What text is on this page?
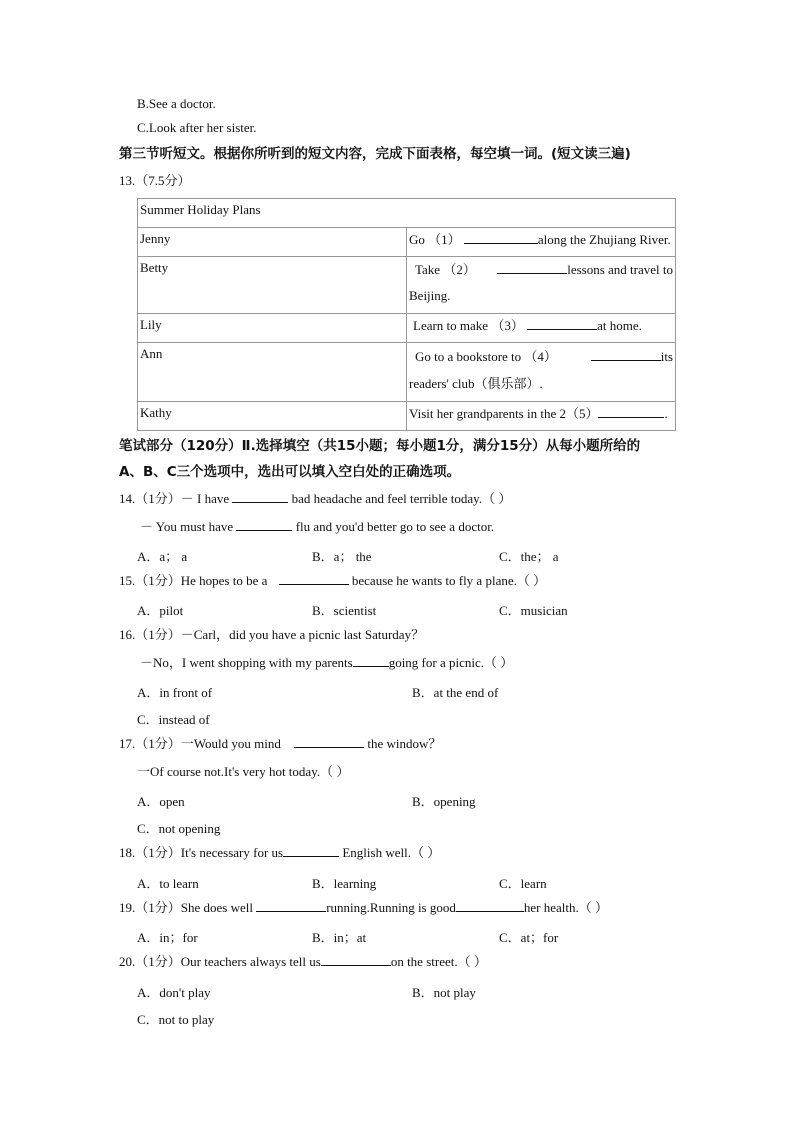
B.See a doctor.
C.Look after her sister.
第三节听短文。根据你所听到的短文内容，完成下面表格，每空填一词。(短文读三遍)
13.（7.5分）
Summer Holiday Plans	
Jenny	Go （1） along the Zhujiang River.
Betty	Take （2） lessons and travel to
Beijing.

Lily	Learn to make （3） at home.
Ann	Go to a bookstore to （4） its
readers' club（俱乐部）.

Kathy	Visit her grandparents in the 2（5） .
笔试部分（120分）Ⅱ.选择填空（共15小题；每小题1分，满分15分）从每小题所给的
A、B、C三个选项中，选出可以填入空白处的正确选项。
14.（1分）－ I have	bad headache and feel terrible today.（ ）
－ You must have	flu and you'd better go to see a doctor.
A．a； a	B．a； the	C．the； a
15.（1分）He hopes to be a	because he wants to fly a plane.（ ）
A．pilot	B．scientist	C．musician
16.（1分）－Carl，did you have a picnic last Saturday？
－No，I went shopping with my parents	going for a picnic.（ ）
A．in front of	B．at the end of
C．instead of
17.（1分）一Would you mind	the window？
一Of course not.It's very hot today.（ ）
A．open	B．opening
C．not opening
18.（1分）It's necessary for us	English well.（ ）
A．to learn	B．learning	C．learn
19.（1分）She does well	running.Running is good	her health.（ ）
A．in；for	B．in；at	C．at；for
20.（1分）Our teachers always tell us	on the street.（ ）
A．don't play	B．not play
C．not to play
